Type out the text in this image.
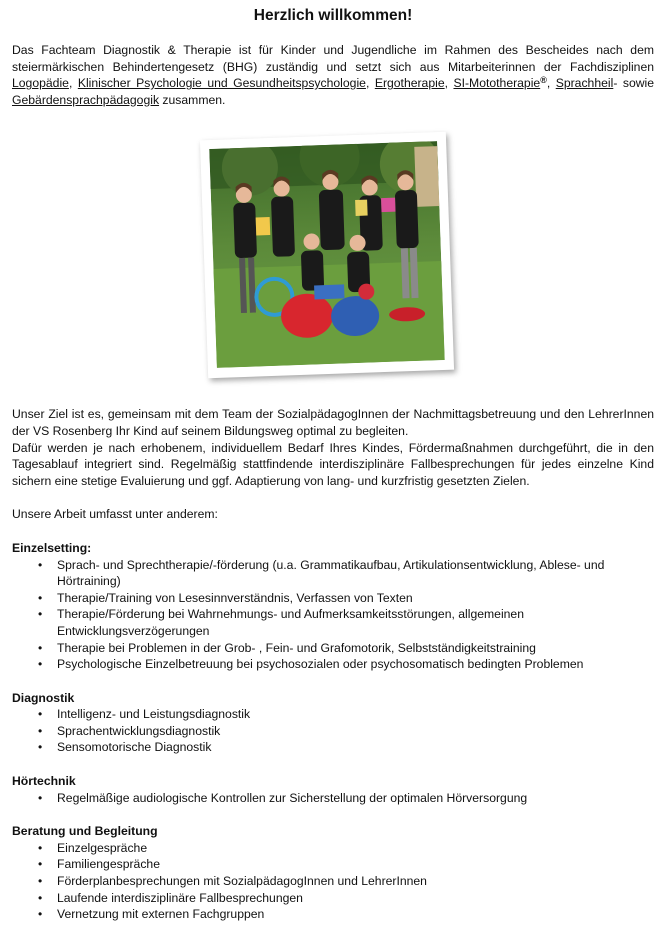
Herzlich willkommen!

Das Fachteam Diagnostik & Therapie ist für Kinder und Jugendliche im Rahmen des Bescheides nach dem steiermärkischen Behindertengesetz (BHG) zuständig und setzt sich aus Mitarbeiterinnen der Fachdisziplinen Logopädie, Klinischer Psychologie und Gesundheitspsychologie, Ergotherapie, SI-Mototherapie®, Sprachheil- sowie Gebärdensprachpädagogik zusammen.

Unser Ziel ist es, gemeinsam mit dem Team der SozialpädagogInnen der Nachmittagsbetreuung und den LehrerInnen der VS Rosenberg Ihr Kind auf seinem Bildungsweg optimal zu begleiten.

Dafür werden je nach erhobenem, individuellem Bedarf Ihres Kindes, Fördermaßnahmen durchgeführt, die in den Tagesablauf integriert sind. Regelmäßig stattfindende interdisziplinäre Fallbesprechungen für jedes einzelne Kind sichern eine stetige Evaluierung und ggf. Adaptierung von lang- und kurzfristig gesetzten Zielen.

Unsere Arbeit umfasst unter anderem:

Einzelsetting:
• Sprach- und Sprechtherapie/-förderung (u.a. Grammatikaufbau, Artikulationsentwicklung, Ablese- und Hörtraining)
• Therapie/Training von Lesesinnverständnis, Verfassen von Texten
• Therapie/Förderung bei Wahrnehmungs- und Aufmerksamkeitsstörungen, allgemeinen Entwicklungsverzögerungen
• Therapie bei Problemen in der Grob- , Fein- und Grafomotorik, Selbstständigkeitstraining
• Psychologische Einzelbetreuung bei psychosozialen oder psychosomatisch bedingten Problemen
Diagnostik
• Intelligenz- und Leistungsdiagnostik
• Sprachentwicklungsdiagnostik
• Sensomotorische Diagnostik
Hörtechnik
• Regelmäßige audiologische Kontrollen zur Sicherstellung der optimalen Hörversorgung
Beratung und Begleitung
• Einzelgespräche
• Familiengespräche
• Förderplanbesprechungen mit SozialpädagogInnen und LehrerInnen
• Laufende interdisziplinäre Fallbesprechungen
• Vernetzung mit externen Fachgruppen
